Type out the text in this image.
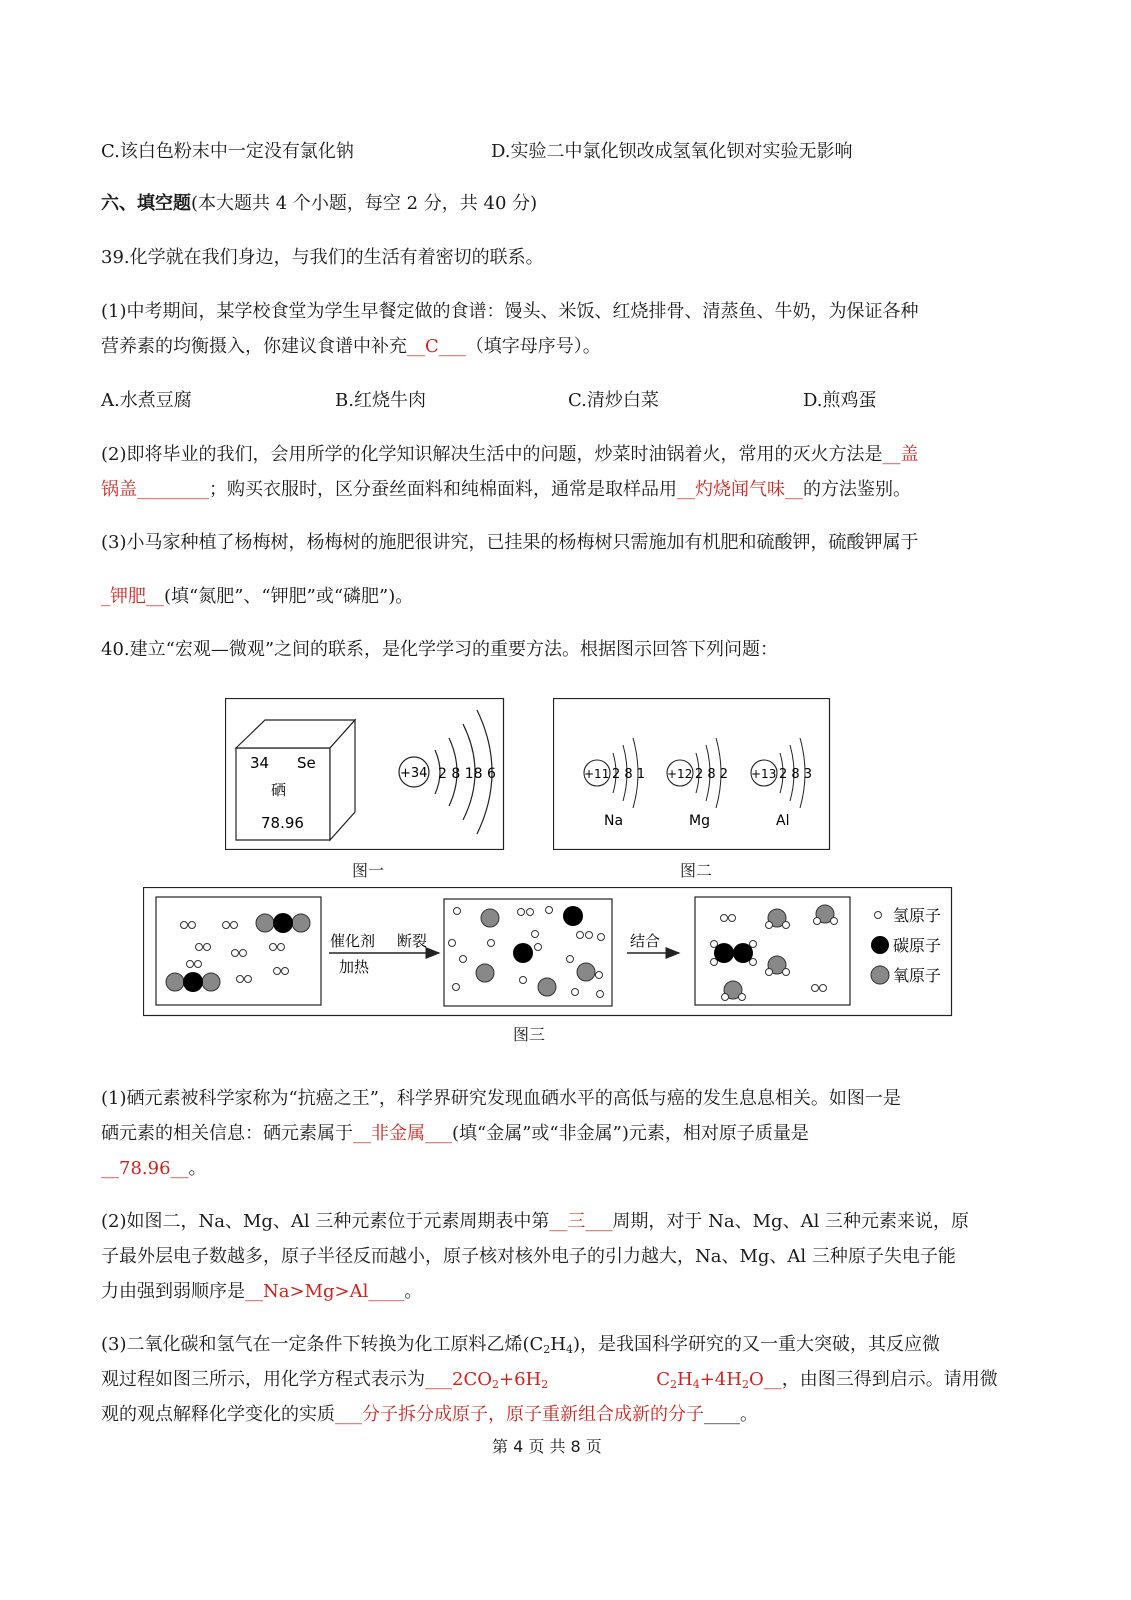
C.该白色粉末中一定没有氯化钠	D.实验二中氯化钡改成氢氧化钡对实验无影响
六、填空题(本大题共 4 个小题，每空 2 分，共 40 分)
39.化学就在我们身边，与我们的生活有着密切的联系。
(1)中考期间，某学校食堂为学生早餐定做的食谱：馒头、米饭、红烧排骨、清蒸鱼、牛奶，为保证各种
营养素的均衡摄入，你建议食谱中补充__C___（填字母序号）。
A.水煮豆腐	B.红烧牛肉	C.清炒白菜	D.煎鸡蛋
(2)即将毕业的我们，会用所学的化学知识解决生活中的问题，炒菜时油锅着火，常用的灭火方法是__盖
锅盖________；购买衣服时，区分蚕丝面料和纯棉面料，通常是取样品用__灼烧闻气味__的方法鉴别。
(3)小马家种植了杨梅树，杨梅树的施肥很讲究，已挂果的杨梅树只需施加有机肥和硫酸钾，硫酸钾属于
_钾肥__(填“氮肥”、“钾肥”或“磷肥”)。
40.建立“宏观—微观”之间的联系，是化学学习的重要方法。根据图示回答下列问题：
34 Se
硒
78.96
+34 2 8 18 6
图一
+11 2 8 1
Na
+12 2 8 2
Mg
+13 2 8 3
Al
图二
催化剂
加热
断裂	结合
氢原子
碳原子
氧原子
图三
(1)硒元素被科学家称为“抗癌之王”，科学界研究发现血硒水平的高低与癌的发生息息相关。如图一是
硒元素的相关信息：硒元素属于__非金属___(填“金属”或“非金属”)元素，相对原子质量是
__78.96__。
(2)如图二，Na、Mg、Al 三种元素位于元素周期表中第__三___周期，对于 Na、Mg、Al 三种元素来说，原
子最外层电子数越多，原子半径反而越小，原子核对核外电子的引力越大，Na、Mg、Al 三种原子失电子能
力由强到弱顺序是__Na>Mg>Al____。
(3)二氧化碳和氢气在一定条件下转换为化工原料乙烯$(C_2H_4)$，是我国科学研究的又一重大突破，其反应微
观过程如图三所示，用化学方程式表示为$\_\_\_2CO_2+6H_2$	$C_2H_4+4H_2O\_\_$，由图三得到启示。请用微
观的观点解释化学变化的实质___分子拆分成原子，原子重新组合成新的分子____。
第 4 页 共 8 页
